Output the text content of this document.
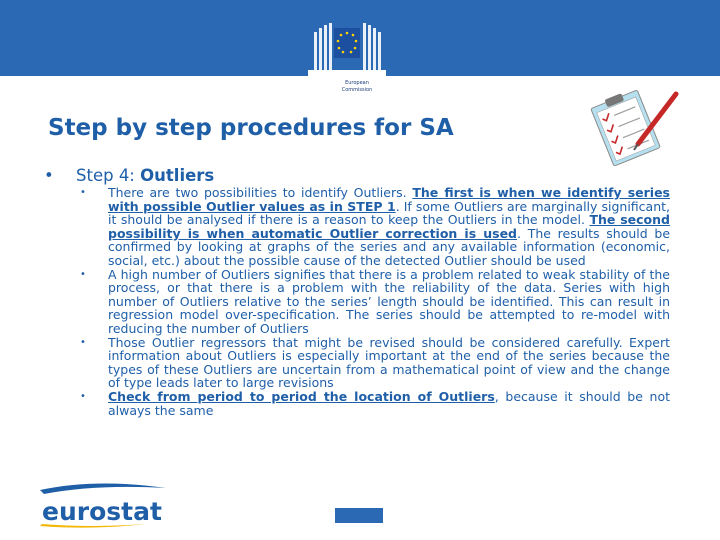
European
Commission
Step by step procedures for SA
• Step 4: Outliers
• There are two possibilities to identify Outliers. The first is when we identify series with possible Outlier values as in STEP 1. If some Outliers are marginally significant, it should be analysed if there is a reason to keep the Outliers in the model. The second possibility is when automatic Outlier correction is used. The results should be confirmed by looking at graphs of the series and any available information (economic, social, etc.) about the possible cause of the detected Outlier should be used
• A high number of Outliers signifies that there is a problem related to weak stability of the process, or that there is a problem with the reliability of the data. Series with high number of Outliers relative to the series’ length should be identified. This can result in regression model over-specification. The series should be attempted to re-model with reducing the number of Outliers
• Those Outlier regressors that might be revised should be considered carefully. Expert information about Outliers is especially important at the end of the series because the types of these Outliers are uncertain from a mathematical point of view and the change of type leads later to large revisions
• Check from period to period the location of Outliers, because it should be not always the same
eurostat
